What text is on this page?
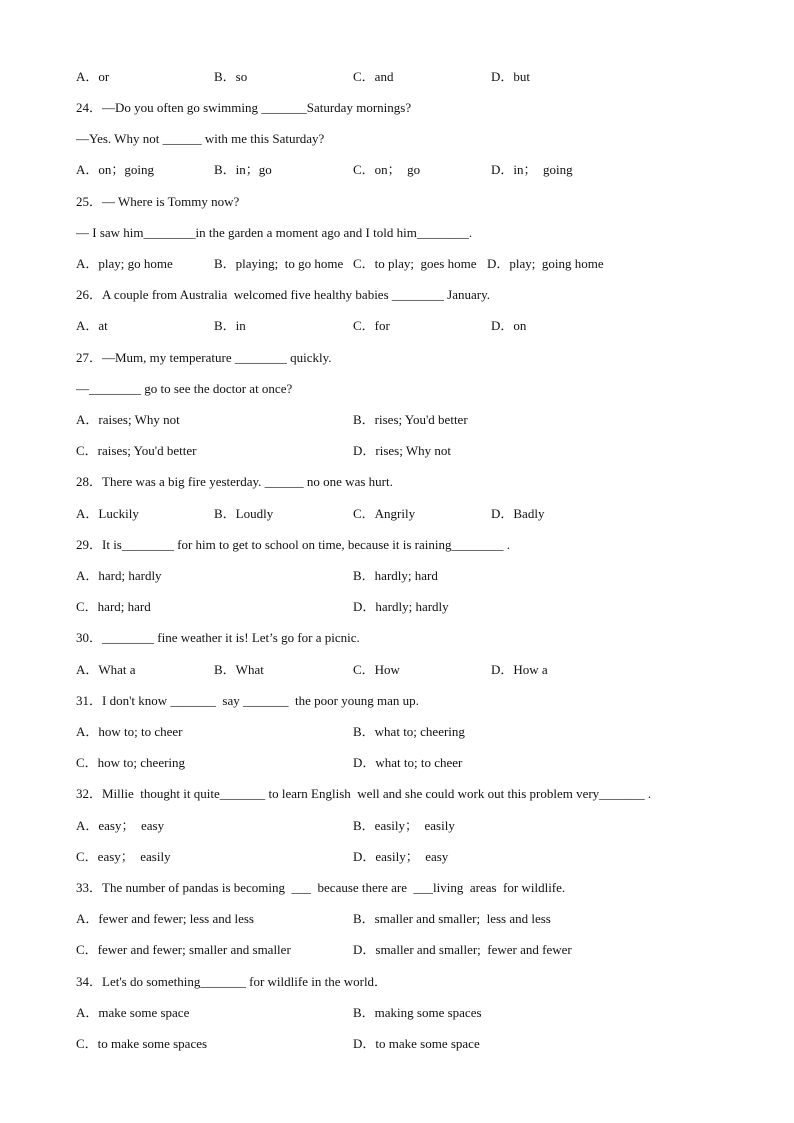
A．or	B．so	C．and	D．but
24．—Do you often go swimming _______Saturday mornings?
—Yes. Why not ______ with me this Saturday?
A．on；going	B．in；go	C．on；  go	D．in；  going
25．— Where is Tommy now?
— I saw him________in the garden a moment ago and I told him________.
A．play; go home	B．playing;  to go home C．to play;  goes home D．play;  going home
26．A couple from Australia  welcomed five healthy babies ________ January.
A．at	B．in	C．for	D．on
27．—Mum, my temperature ________ quickly.
—________ go to see the doctor at once?
A．raises; Why not	B．rises; You'd better
C．raises; You'd better	D．rises; Why not
28．There was a big fire yesterday. ______ no one was hurt.
A．Luckily	B．Loudly	C．Angrily	D．Badly
29．It is________ for him to get to school on time, because it is raining________ .
A．hard; hardly	B．hardly; hard
C．hard; hard	D．hardly; hardly
30．________ fine weather it is! Let’s go for a picnic.
A．What a	B．What	C．How	D．How a
31．I don't know _______  say _______  the poor young man up.
A．how to; to cheer	B．what to; cheering
C．how to; cheering	D．what to; to cheer
32．Millie  thought it quite_______ to learn English  well and she could work out this problem very_______ .
A．easy；  easy	B．easily；  easily
C．easy；  easily	D．easily；  easy
33．The number of pandas is becoming  ___  because there are  ___living  areas  for wildlife.
A．fewer and fewer; less and less	B．smaller and smaller;  less and less
C．fewer and fewer; smaller and smaller	D．smaller and smaller;  fewer and fewer
34．Let's do something_______ for wildlife in the world．
A．make some space	B．making some spaces
C．to make some spaces	D．to make some space
